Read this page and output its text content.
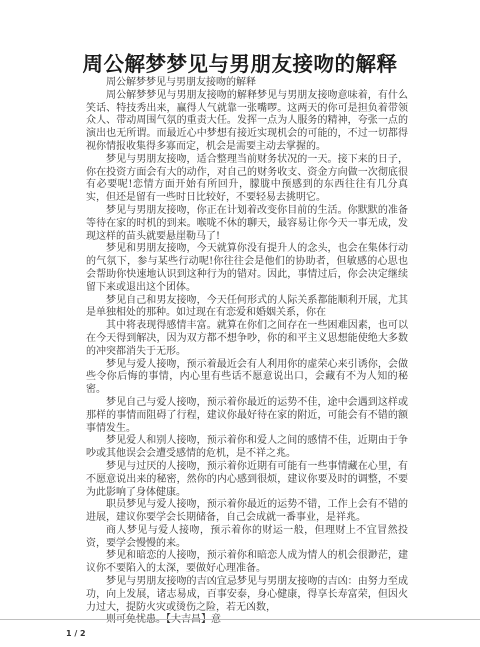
周公解梦梦见与男朋友接吻的解释

周公解梦梦见与男朋友接吻的解释

周公解梦梦见与男朋友接吻的解释梦见与男朋友接吻意味着，有什么笑话、特技秀出来，赢得人气就靠一张嘴啰。这两天的你可是担负着带领众人、带动周围气氛的重责大任。发挥一点为人服务的精神，夸张一点的演出也无所谓。而最近心中梦想有接近实现机会的可能的，不过一切都得视你情报收集得多寡而定，机会是需要主动去掌握的。

梦见与男朋友接吻，适合整理当前财务状况的一天。接下来的日子，你在投资方面会有大的动作，对自己的财务收支、资金方向做一次彻底很有必要呢!恋情方面开始有所回升，朦胧中预感到的东西往往有几分真实，但还是留有一些时日比较好，不要轻易去挑明它。

梦见与男朋友接吻，你正在计划着改变你目前的生活。你默默的准备等待在家的时机的到来。喉咙不休的聊天，最容易让你今天一事无成，发现这样的苗头就要悬崖勒马了!

梦见和男朋友接吻，今天就算你没有提升人的念头，也会在集体行动的气氛下，参与某些行动呢!你往往会是他们的协助者，但敏感的心思也会帮助你快速地认识到这种行为的错对。因此，事情过后，你会决定继续留下来或退出这个团体。

梦见自己和男友接吻，今天任何形式的人际关系都能顺利开展，尤其是单独相处的那种。如过现在有恋爱和婚姻关系，你在

其中将表现得感情丰富。就算在你们之间存在一些困难因素，也可以在今天得到解决，因为双方都不想争吵，你的和平主义思想能使绝大多数的冲突都消失于无形。

梦见与爱人接吻，预示着最近会有人利用你的虚荣心来引诱你，会做些令你后悔的事情，内心里有些话不愿意说出口，会藏有不为人知的秘密。

梦见自己与爱人接吻，预示着你最近的运势不佳，途中会遇到这样或那样的事情而阻碍了行程，建议你最好待在家的附近，可能会有不错的额事情发生。

梦见爱人和别人接吻，预示着你和爱人之间的感情不佳，近期由于争吵或其他误会会遭受感情的危机，是不祥之兆。

梦见与过厌的人接吻，预示着你近期有可能有一些事情藏在心里，有不愿意说出来的秘密，然你的内心感到很烦，建议你要及时的调整，不要为此影响了身体健康。

职员梦见与爱人接吻，预示着你最近的运势不错，工作上会有不错的进展，建议你要学会长期储备，自己会成就一番事业，是祥兆。

商人梦见与爱人接吻，预示着你的财运一般，但理财上不宜冒然投资，要学会慢慢的来。

梦见和暗恋的人接吻，预示着你和暗恋人成为情人的机会很渺茫，建议你不要陷入的太深，要做好心理准备。

梦见与男朋友接吻的吉凶宜忌梦见与男朋友接吻的吉凶：由努力至成功，向上发展，诸志易成，百事安泰，身心健康，得享长寿富荣，但因火力过大，提防火灾或烫伤之险，若无凶数，

则可免忧患。【大吉昌】意

1 / 2
